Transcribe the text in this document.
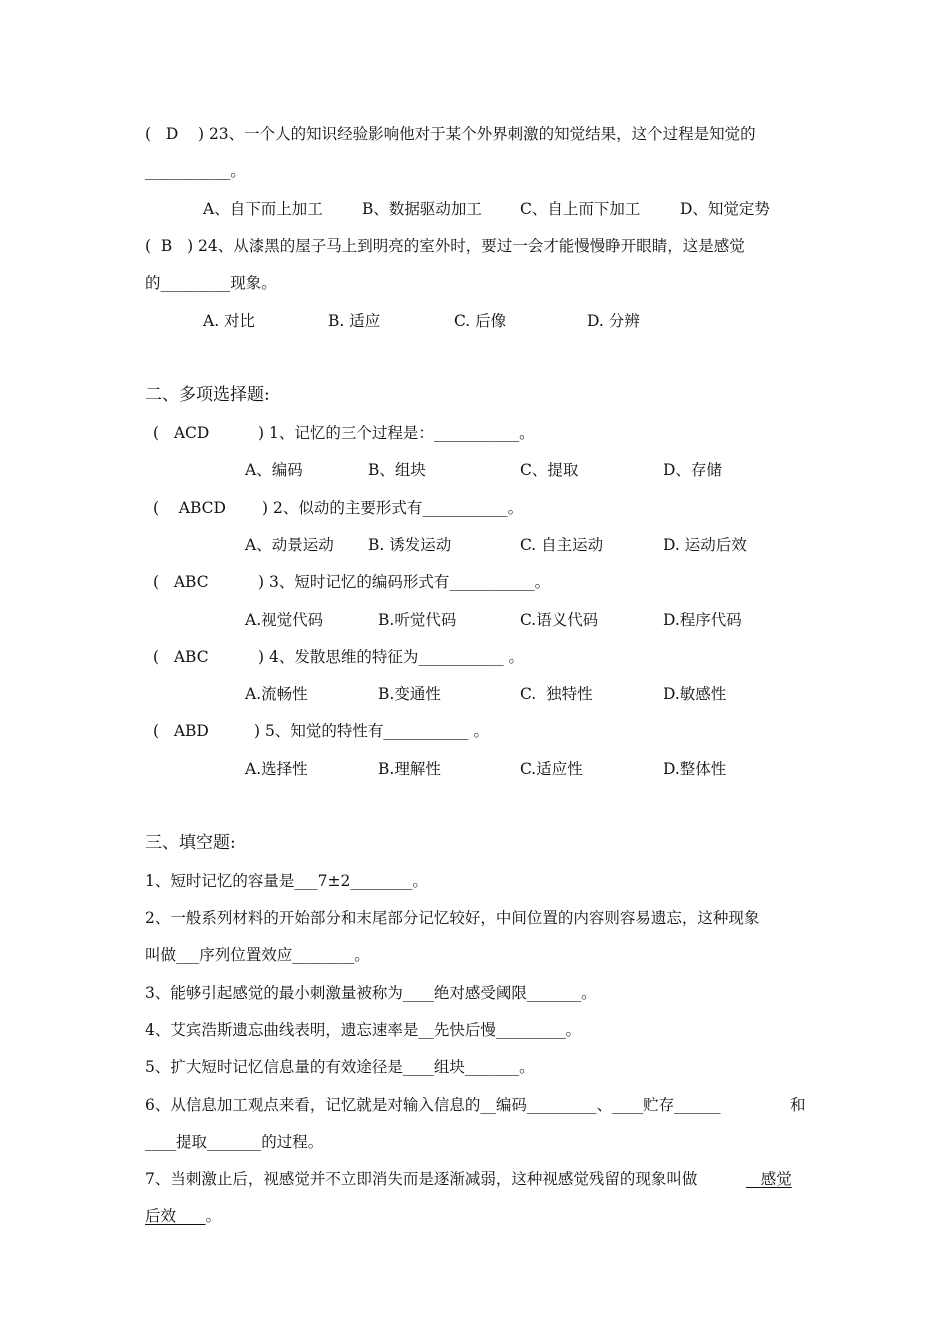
(   D    ) 23、一个人的知识经验影响他对于某个外界刺激的知觉结果，这个过程是知觉的
___________。
A、自下而上加工	B、数据驱动加工 C、自上而下加工	D、知觉定势
(  B   ) 24、从漆黑的屋子马上到明亮的室外时，要过一会才能慢慢睁开眼睛，这是感觉
的_________现象。
A. 对比	B. 适应	C. 后像	D. 分辨
二、多项选择题:
(   ACD	) 1、记忆的三个过程是：___________。
A、编码	B、组块	C、提取	D、存储
(    ABCD ) 2、似动的主要形式有___________。
A、动景运动 B. 诱发运动	C. 自主运动	D. 运动后效
(   ABC	) 3、短时记忆的编码形式有___________。
A.视觉代码	B.听觉代码	C.语义代码	D.程序代码
(   ABC	) 4、发散思维的特征为___________ 。
A.流畅性	B.变通性	C.  独特性	D.敏感性
(   ABD	) 5、知觉的特性有___________ 。
A.选择性	B.理解性	C.适应性	D.整体性
三、填空题:
1、短时记忆的容量是___7±2________。
2、一般系列材料的开始部分和末尾部分记忆较好，中间位置的内容则容易遗忘，这种现象
叫做___序列位置效应________。
3、能够引起感觉的最小刺激量被称为____绝对感受阈限_______。
4、艾宾浩斯遗忘曲线表明，遗忘速率是__先快后慢_________。
5、扩大短时记忆信息量的有效途径是____组块_______。
6、从信息加工观点来看，记忆就是对输入信息的__编码_________、____贮存______	和
____提取_______的过程。
7、当刺激止后，视感觉并不立即消失而是逐渐减弱，这种视感觉残留的现象叫做	感觉
后效      。
